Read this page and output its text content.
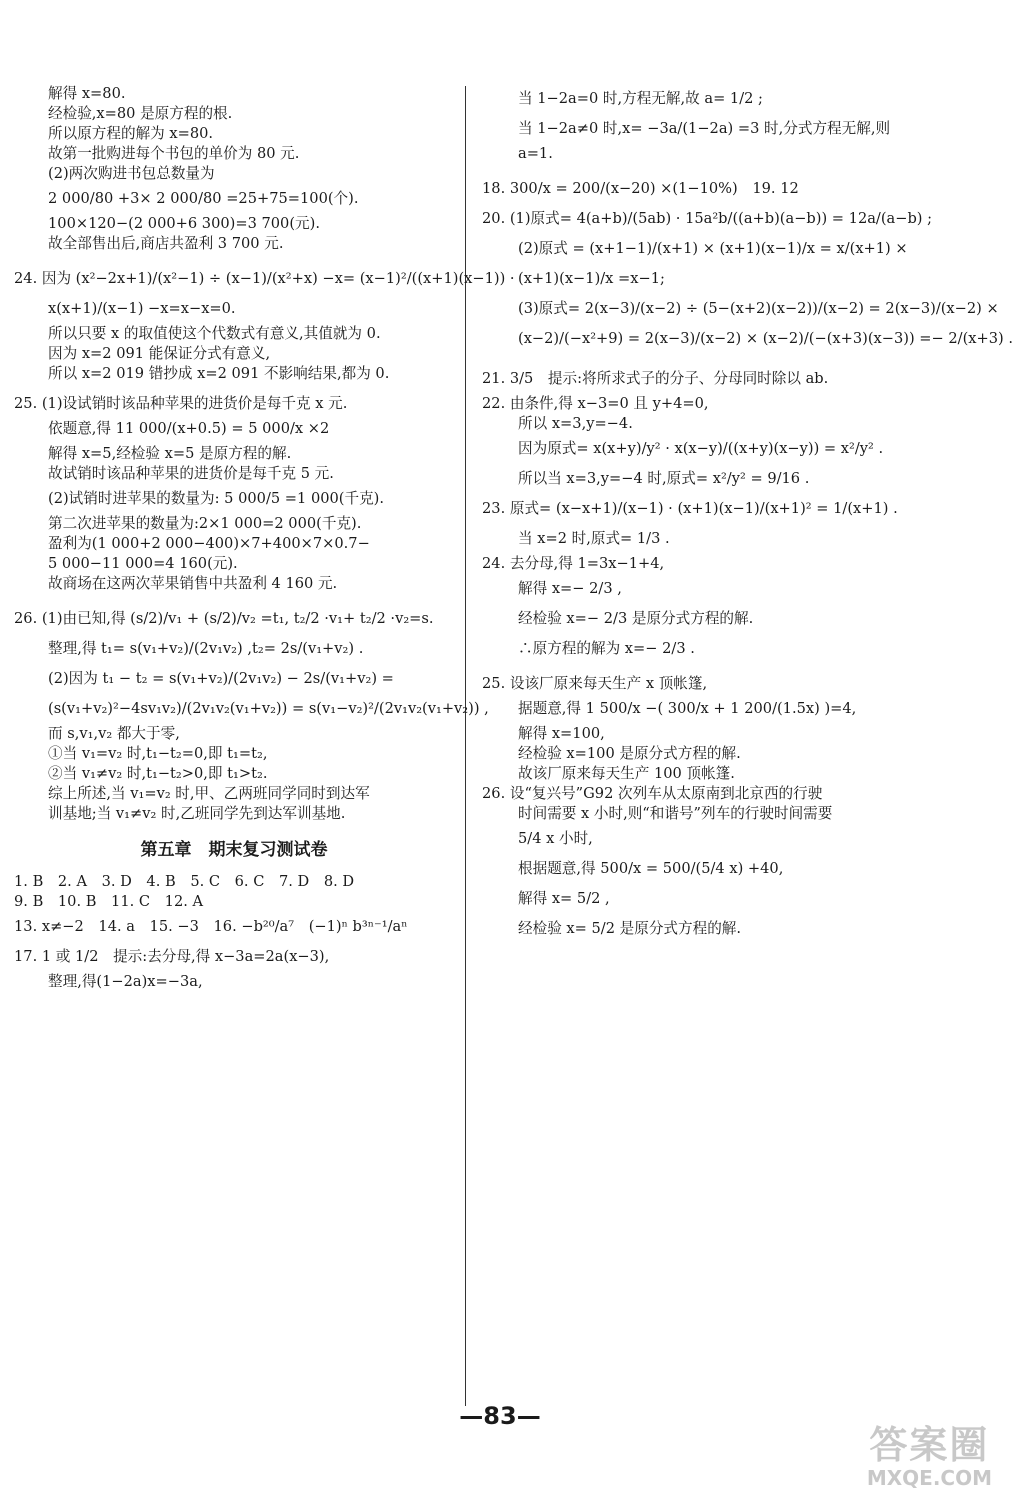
解得 x=80.
经检验,x=80 是原方程的根.
所以原方程的解为 x=80.
故第一批购进每个书包的单价为 80 元.
(2)两次购进书包总数量为
2 000/80 +3× 2 000/80 =25+75=100(个).
100×120−(2 000+6 300)=3 700(元).
故全部售出后,商店共盈利 3 700 元.
24. 因为 (x²−2x+1)/(x²−1) ÷ (x−1)/(x²+x) −x= (x−1)²/((x+1)(x−1)) ·
x(x+1)/(x−1) −x=x−x=0.
所以只要 x 的取值使这个代数式有意义,其值就为 0.
因为 x=2 091 能保证分式有意义,
所以 x=2 019 错抄成 x=2 091 不影响结果,都为 0.
25. (1)设试销时该品种苹果的进货价是每千克 x 元.
依题意,得 11 000/(x+0.5) = 5 000/x ×2
解得 x=5,经检验 x=5 是原方程的解.
故试销时该品种苹果的进货价是每千克 5 元.
(2)试销时进苹果的数量为: 5 000/5 =1 000(千克).
第二次进苹果的数量为:2×1 000=2 000(千克).
盈利为(1 000+2 000−400)×7+400×7×0.7−
5 000−11 000=4 160(元).
故商场在这两次苹果销售中共盈利 4 160 元.
26. (1)由已知,得 (s/2)/v₁ + (s/2)/v₂ =t₁, t₂/2 ·v₁+ t₂/2 ·v₂=s.
整理,得 t₁= s(v₁+v₂)/(2v₁v₂) ,t₂= 2s/(v₁+v₂) .
(2)因为 t₁ − t₂ = s(v₁+v₂)/(2v₁v₂) − 2s/(v₁+v₂) =
(s(v₁+v₂)²−4sv₁v₂)/(2v₁v₂(v₁+v₂)) = s(v₁−v₂)²/(2v₁v₂(v₁+v₂)) ,
而 s,v₁,v₂ 都大于零,
①当 v₁=v₂ 时,t₁−t₂=0,即 t₁=t₂,
②当 v₁≠v₂ 时,t₁−t₂>0,即 t₁>t₂.
综上所述,当 v₁=v₂ 时,甲、乙两班同学同时到达军
训基地;当 v₁≠v₂ 时,乙班同学先到达军训基地.
第五章　期末复习测试卷
1. B　2. A　3. D　4. B　5. C　6. C　7. D　8. D
9. B　10. B　11. C　12. A
13. x≠−2　14. a　15. −3　16. −b²⁰/a⁷　(−1)ⁿ b³ⁿ⁻¹/aⁿ
17. 1 或 1/2　提示:去分母,得 x−3a=2a(x−3),
整理,得(1−2a)x=−3a,
当 1−2a=0 时,方程无解,故 a= 1/2 ;
当 1−2a≠0 时,x= −3a/(1−2a) =3 时,分式方程无解,则
a=1.
18. 300/x = 200/(x−20) ×(1−10%)　19. 12
20. (1)原式= 4(a+b)/(5ab) · 15a²b/((a+b)(a−b)) = 12a/(a−b) ;
(2)原式 = (x+1−1)/(x+1) × (x+1)(x−1)/x = x/(x+1) ×
(x+1)(x−1)/x =x−1;
(3)原式= 2(x−3)/(x−2) ÷ (5−(x+2)(x−2))/(x−2) = 2(x−3)/(x−2) ×
(x−2)/(−x²+9) = 2(x−3)/(x−2) × (x−2)/(−(x+3)(x−3)) =− 2/(x+3) .
21. 3/5　提示:将所求式子的分子、分母同时除以 ab.
22. 由条件,得 x−3=0 且 y+4=0,
所以 x=3,y=−4.
因为原式= x(x+y)/y² · x(x−y)/((x+y)(x−y)) = x²/y² .
所以当 x=3,y=−4 时,原式= x²/y² = 9/16 .
23. 原式= (x−x+1)/(x−1) · (x+1)(x−1)/(x+1)² = 1/(x+1) .
当 x=2 时,原式= 1/3 .
24. 去分母,得 1=3x−1+4,
解得 x=− 2/3 ,
经检验 x=− 2/3 是原分式方程的解.
∴原方程的解为 x=− 2/3 .
25. 设该厂原来每天生产 x 顶帐篷,
据题意,得 1 500/x −( 300/x + 1 200/(1.5x) )=4,
解得 x=100,
经检验 x=100 是原分式方程的解.
故该厂原来每天生产 100 顶帐篷.
26. 设“复兴号”G92 次列车从太原南到北京西的行驶
时间需要 x 小时,则“和谐号”列车的行驶时间需要
5/4 x 小时,
根据题意,得 500/x = 500/(5/4 x) +40,
解得 x= 5/2 ,
经检验 x= 5/2 是原分式方程的解.
—83—
答案圈
MXQE.COM
